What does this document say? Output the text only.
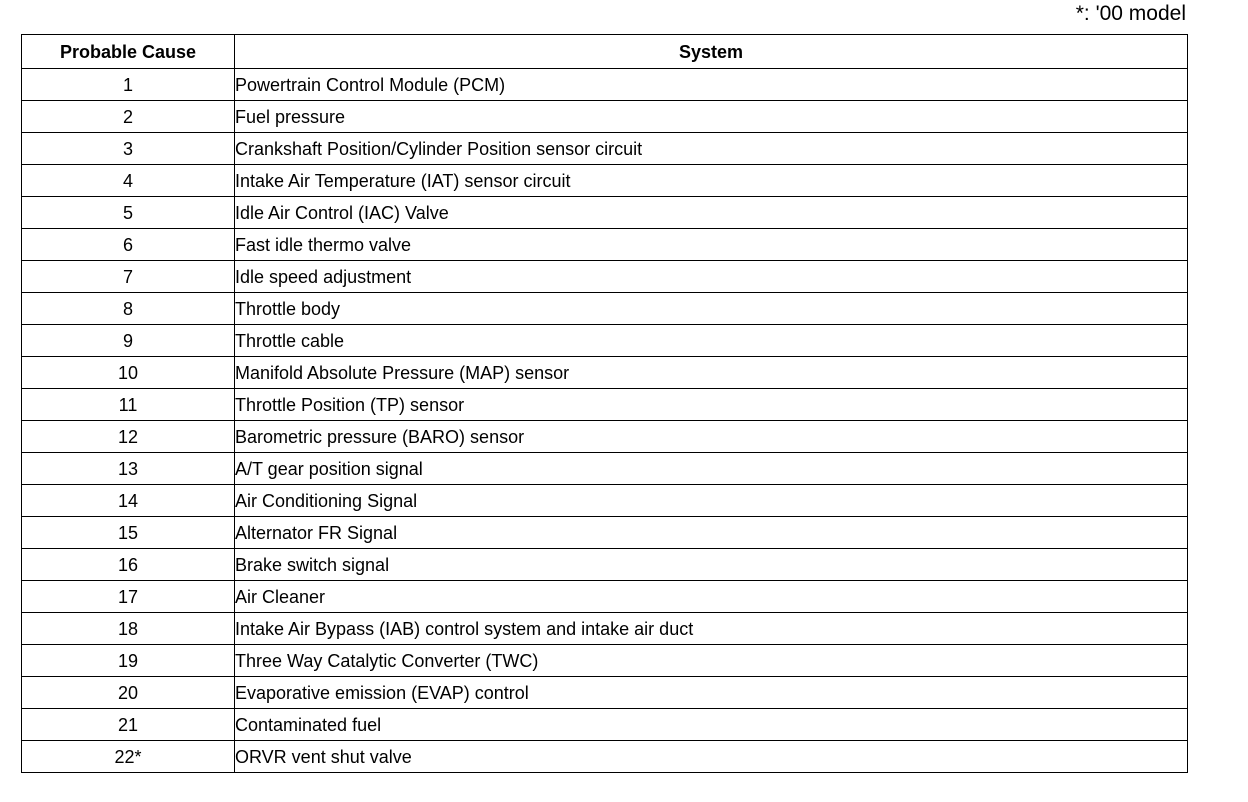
*: '00 model
Probable Cause	System
1	Powertrain Control Module (PCM)
2	Fuel pressure
3	Crankshaft Position/Cylinder Position sensor circuit
4	Intake Air Temperature (IAT) sensor circuit
5	Idle Air Control (IAC) Valve
6	Fast idle thermo valve
7	Idle speed adjustment
8	Throttle body
9	Throttle cable
10	Manifold Absolute Pressure (MAP) sensor
11	Throttle Position (TP) sensor
12	Barometric pressure (BARO) sensor
13	A/T gear position signal
14	Air Conditioning Signal
15	Alternator FR Signal
16	Brake switch signal
17	Air Cleaner
18	Intake Air Bypass (IAB) control system and intake air duct
19	Three Way Catalytic Converter (TWC)
20	Evaporative emission (EVAP) control
21	Contaminated fuel
22*	ORVR vent shut valve
